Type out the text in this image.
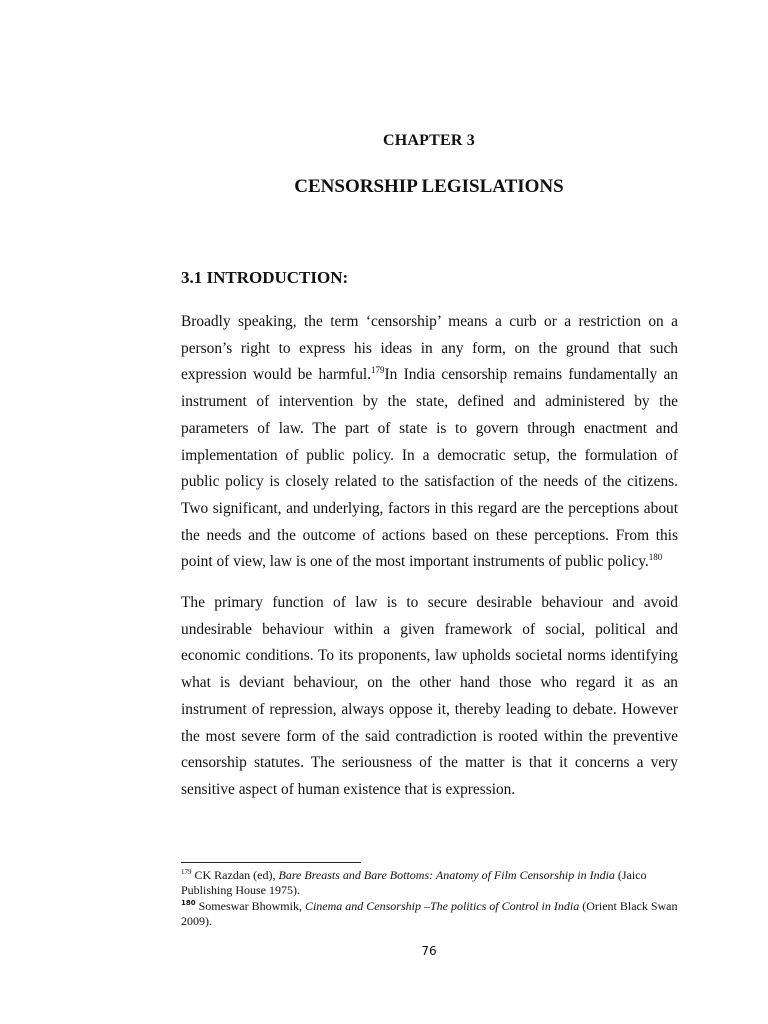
CHAPTER 3
CENSORSHIP LEGISLATIONS
3.1 INTRODUCTION:

Broadly speaking, the term ‘censorship’ means a curb or a restriction on a person’s right to express his ideas in any form, on the ground that such expression would be harmful.$^{179}$In India censorship remains fundamentally an instrument of intervention by the state, defined and administered by the parameters of law. The part of state is to govern through enactment and implementation of public policy. In a democratic setup, the formulation of public policy is closely related to the satisfaction of the needs of the citizens. Two significant, and underlying, factors in this regard are the perceptions about the needs and the outcome of actions based on these perceptions. From this point of view, law is one of the most important instruments of public policy.$^{180}$

The primary function of law is to secure desirable behaviour and avoid undesirable behaviour within a given framework of social, political and economic conditions. To its proponents, law upholds societal norms identifying what is deviant behaviour, on the other hand those who regard it as an instrument of repression, always oppose it, thereby leading to debate. However the most severe form of the said contradiction is rooted within the preventive censorship statutes. The seriousness of the matter is that it concerns a very sensitive aspect of human existence that is expression.

$^{179}$ CK Razdan (ed), Bare Breasts and Bare Bottoms: Anatomy of Film Censorship in India (Jaico Publishing House 1975).

$^{180}$ Someswar Bhowmik, Cinema and Censorship –The politics of Control in India (Orient Black Swan 2009).

76
